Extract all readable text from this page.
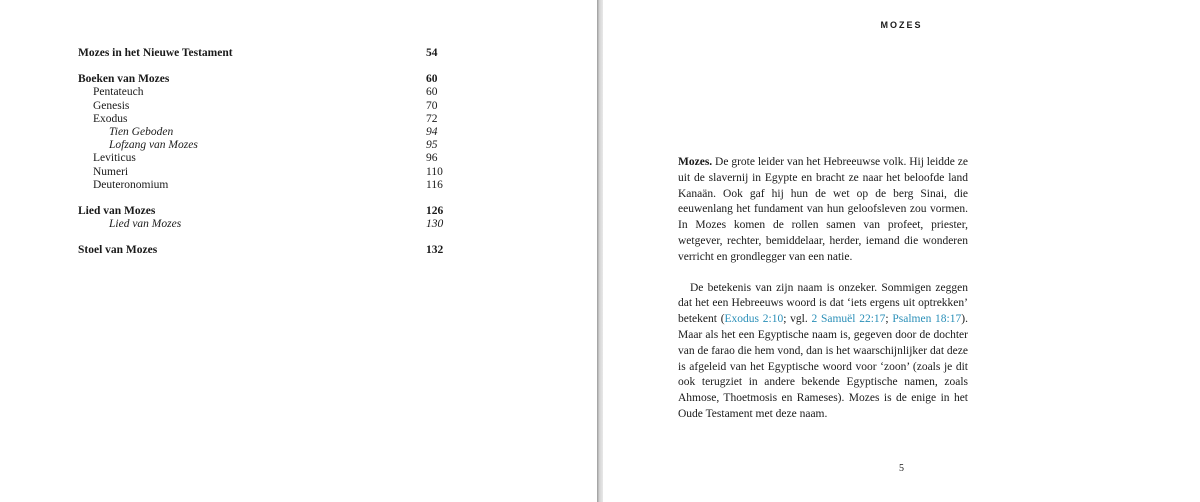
Mozes in het Nieuwe Testament	54
Boeken van Mozes	60
Pentateuch	60
Genesis	70
Exodus	72
Tien Geboden	94
Lofzang van Mozes	95
Leviticus	96
Numeri	110
Deuteronomium	116
Lied van Mozes	126
Lied van Mozes	130
Stoel van Mozes	132
MOZES

Mozes. De grote leider van het Hebreeuwse volk. Hij leidde ze uit de slavernij in Egypte en bracht ze naar het beloofde land Kanaän. Ook gaf hij hun de wet op de berg Sinai, die eeuwenlang het fundament van hun geloofsleven zou vormen. In Mozes komen de rollen samen van profeet, priester, wetgever, rechter, bemiddelaar, herder, iemand die wonderen verricht en grondlegger van een natie.

De betekenis van zijn naam is onzeker. Sommigen zeggen dat het een Hebreeuws woord is dat ‘iets ergens uit optrekken’ betekent (Exodus 2:10; vgl. 2 Samuël 22:17; Psalmen 18:17). Maar als het een Egyptische naam is, gegeven door de dochter van de farao die hem vond, dan is het waarschijnlijker dat deze is afgeleid van het Egyptische woord voor ‘zoon’ (zoals je dit ook terugziet in andere bekende Egyptische namen, zoals Ahmose, Thoetmosis en Rameses). Mozes is de enige in het Oude Testament met deze naam.

5
